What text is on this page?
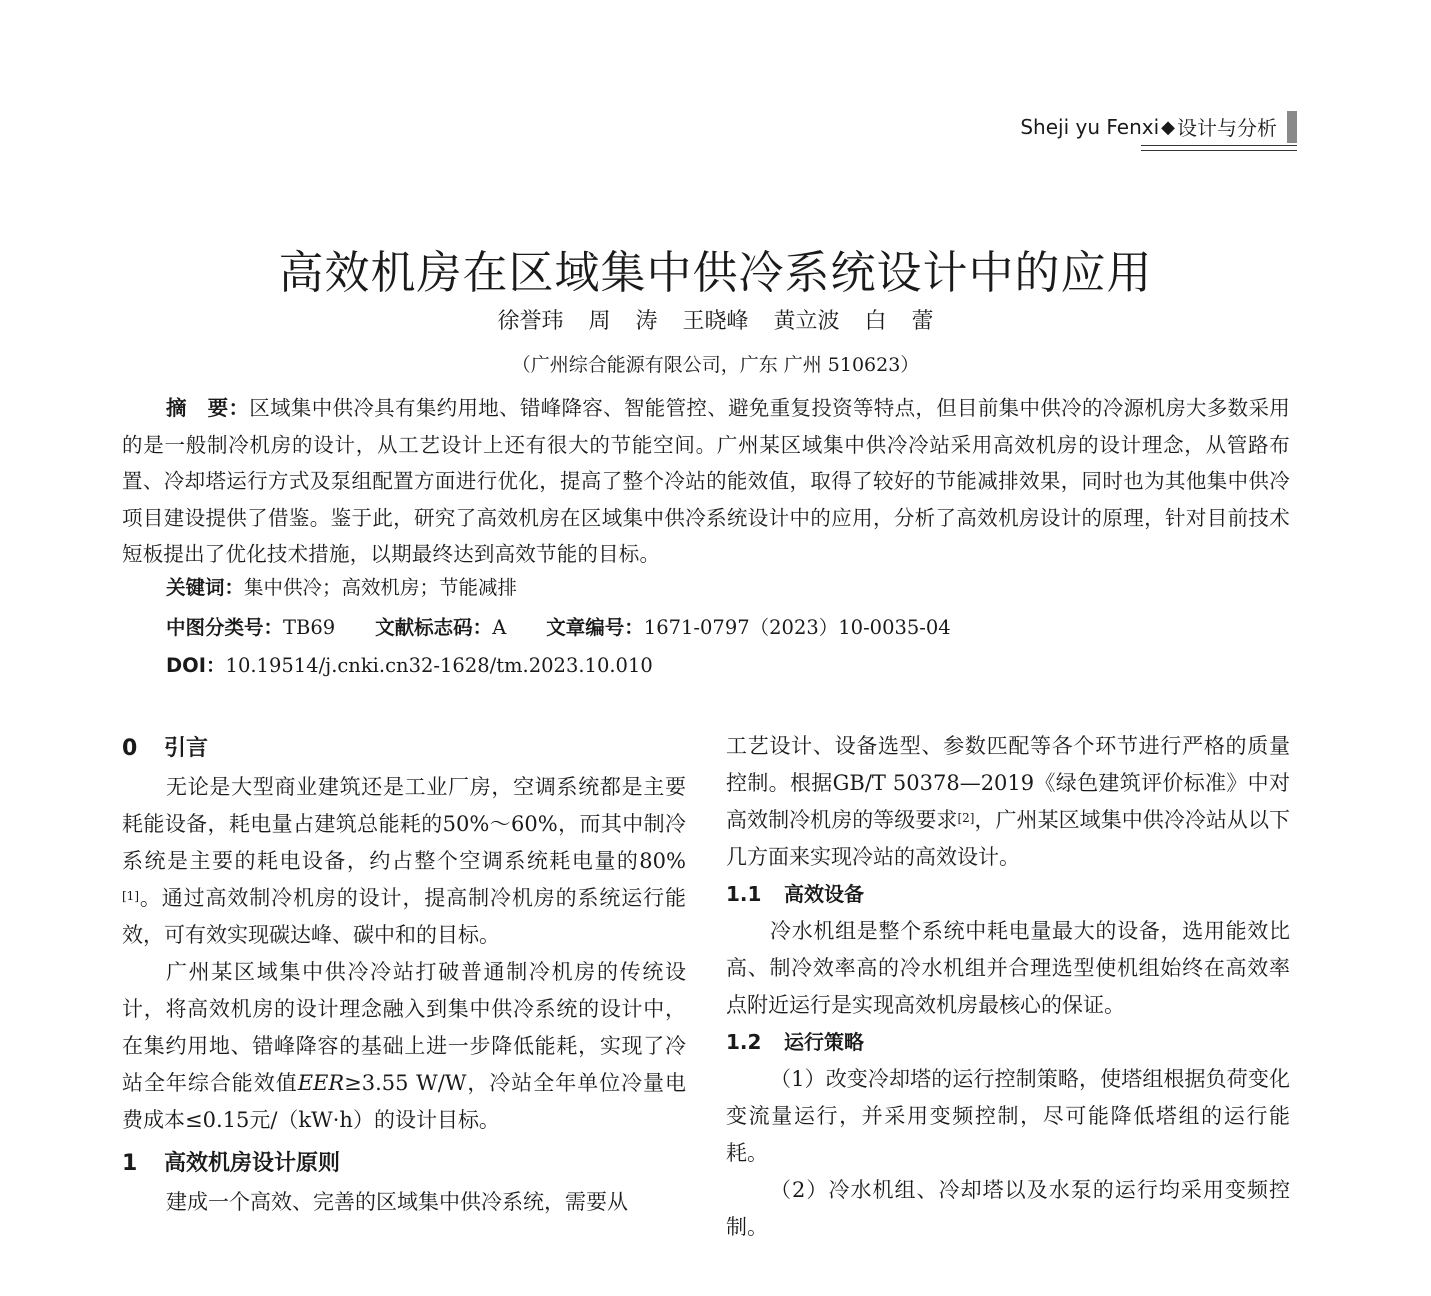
Sheji yu Fenxi ◆ 设计与分析
高效机房在区域集中供冷系统设计中的应用

徐誉玮 周 涛 王晓峰 黄立波 白 蕾

（广州综合能源有限公司，广东 广州 510623）

摘　要：区域集中供冷具有集约用地、错峰降容、智能管控、避免重复投资等特点，但目前集中供冷的冷源机房大多数采用的是一般制冷机房的设计，从工艺设计上还有很大的节能空间。广州某区域集中供冷冷站采用高效机房的设计理念，从管路布置、冷却塔运行方式及泵组配置方面进行优化，提高了整个冷站的能效值，取得了较好的节能减排效果，同时也为其他集中供冷项目建设提供了借鉴。鉴于此，研究了高效机房在区域集中供冷系统设计中的应用，分析了高效机房设计的原理，针对目前技术短板提出了优化技术措施，以期最终达到高效节能的目标。

关键词：集中供冷；高效机房；节能减排

中图分类号：TB69 文献标志码：A 文章编号：1671-0797（2023）10-0035-04

DOI：10.19514/j.cnki.cn32-1628/tm.2023.10.010

0 引言

无论是大型商业建筑还是工业厂房，空调系统都是主要耗能设备，耗电量占建筑总能耗的50%～60%，而其中制冷系统是主要的耗电设备，约占整个空调系统耗电量的80%[1]。通过高效制冷机房的设计，提高制冷机房的系统运行能效，可有效实现碳达峰、碳中和的目标。

广州某区域集中供冷冷站打破普通制冷机房的传统设计，将高效机房的设计理念融入到集中供冷系统的设计中，在集约用地、错峰降容的基础上进一步降低能耗，实现了冷站全年综合能效值EER≥3.55 W/W，冷站全年单位冷量电费成本≤0.15元/（kW·h）的设计目标。

1 高效机房设计原则

建成一个高效、完善的区域集中供冷系统，需要从

工艺设计、设备选型、参数匹配等各个环节进行严格的质量控制。根据GB/T 50378—2019《绿色建筑评价标准》中对高效制冷机房的等级要求[2]，广州某区域集中供冷冷站从以下几方面来实现冷站的高效设计。

1.1 高效设备

冷水机组是整个系统中耗电量最大的设备，选用能效比高、制冷效率高的冷水机组并合理选型使机组始终在高效率点附近运行是实现高效机房最核心的保证。

1.2 运行策略

（1）改变冷却塔的运行控制策略，使塔组根据负荷变化变流量运行，并采用变频控制，尽可能降低塔组的运行能耗。

（2）冷水机组、冷却塔以及水泵的运行均采用变频控制。
